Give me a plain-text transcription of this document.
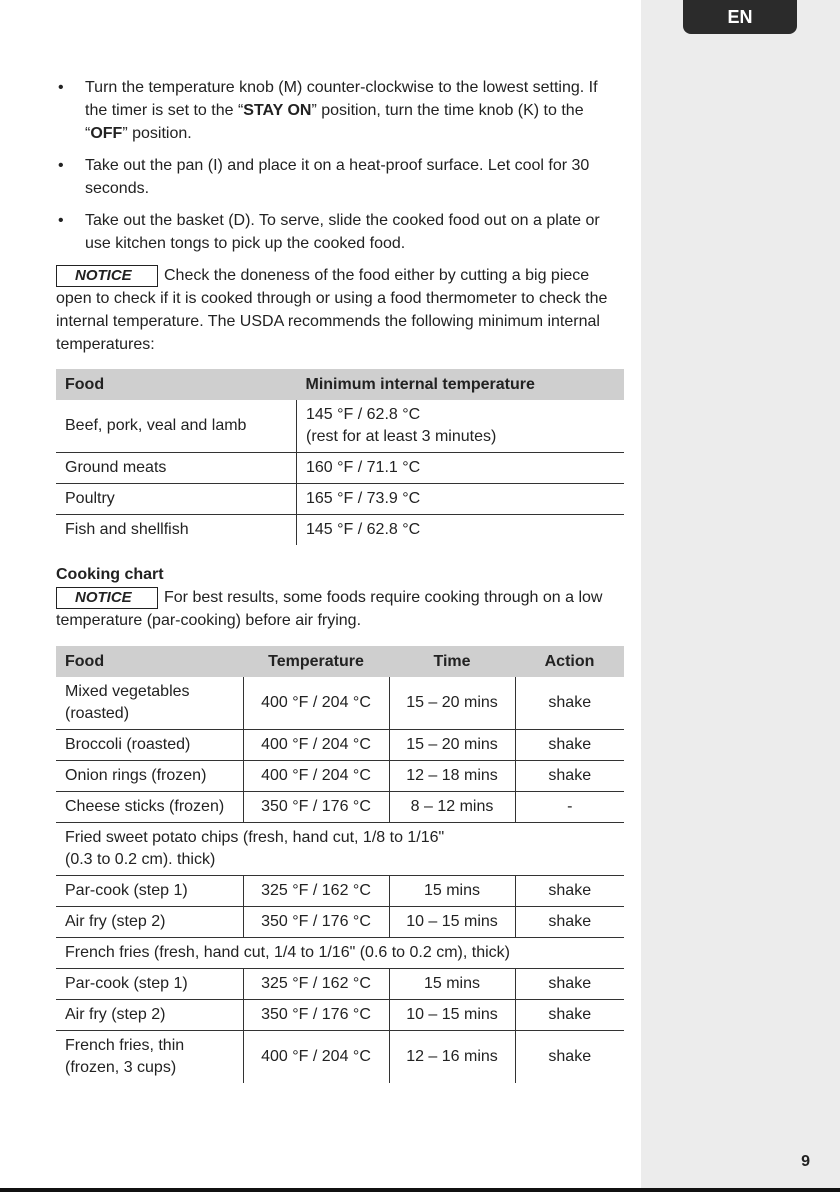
EN
• Turn the temperature knob (M) counter-clockwise to the lowest setting. If the timer is set to the “STAY ON” position, turn the time knob (K) to the “OFF” position.
• Take out the pan (I) and place it on a heat-proof surface. Let cool for 30 seconds.
• Take out the basket (D). To serve, slide the cooked food out on a plate or use kitchen tongs to pick up the cooked food.

NOTICE Check the doneness of the food either by cutting a big piece open to check if it is cooked through or using a food thermometer to check the internal temperature. The USDA recommends the following minimum internal temperatures:

Food	Minimum internal temperature
Beef, pork, veal and lamb	145 °F / 62.8 °C
(rest for at least 3 minutes)
Ground meats	160 °F / 71.1 °C
Poultry	165 °F / 73.9 °C
Fish and shellfish	145 °F / 62.8 °C

Cooking chart

NOTICE For best results, some foods require cooking through on a low temperature (par-cooking) before air frying.

Food	Temperature	Time	Action
Mixed vegetables (roasted)	400 °F / 204 °C	15 – 20 mins	shake
Broccoli (roasted)	400 °F / 204 °C	15 – 20 mins	shake
Onion rings (frozen)	400 °F / 204 °C	12 – 18 mins	shake
Cheese sticks (frozen)	350 °F / 176 °C	8 – 12 mins	-
Fried sweet potato chips (fresh, hand cut, 1/8 to 1/16" (0.3 to 0.2 cm). thick)			
Par-cook (step 1)	325 °F / 162 °C	15 mins	shake
Air fry (step 2)	350 °F / 176 °C	10 – 15 mins	shake
French fries (fresh, hand cut, 1/4 to 1/16" (0.6 to 0.2 cm), thick)			
Par-cook (step 1)	325 °F / 162 °C	15 mins	shake
Air fry (step 2)	350 °F / 176 °C	10 – 15 mins	shake
French fries, thin (frozen, 3 cups)	400 °F / 204 °C	12 – 16 mins	shake
9
